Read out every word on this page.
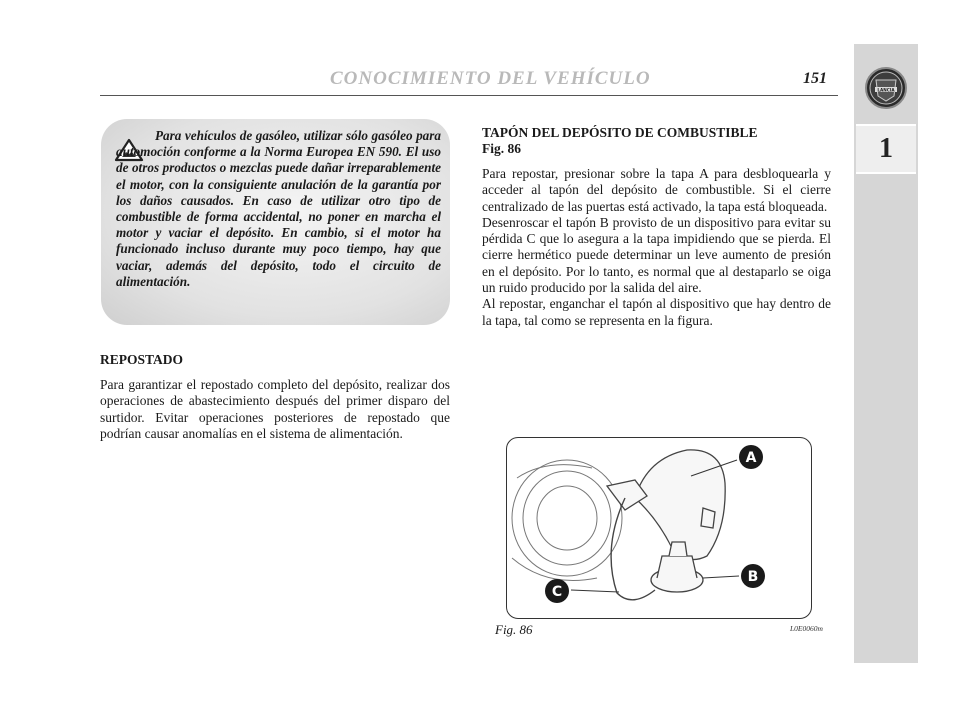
CONOCIMIENTO DEL VEHÍCULO	151
LANCIA
1

Para vehículos de gasóleo, utilizar sólo gasóleo para automoción conforme a la Norma Europea EN 590. El uso de otros productos o mezclas puede dañar irreparablemente el motor, con la consiguiente anulación de la garantía por los daños causados. En caso de utilizar otro tipo de combustible de forma accidental, no poner en marcha el motor y vaciar el depósito. En cambio, si el motor ha funcionado incluso durante muy poco tiempo, hay que vaciar, además del depósito, todo el circuito de alimentación.

REPOSTADO

Para garantizar el repostado completo del depósito, realizar dos operaciones de abastecimiento después del primer disparo del surtidor. Evitar operaciones posteriores de repostado que podrían causar anomalías en el sistema de alimentación.

TAPÓN DEL DEPÓSITO DE COMBUSTIBLE

Fig. 86

Para repostar, presionar sobre la tapa A para desbloquearla y acceder al tapón del depósito de combustible. Si el cierre centralizado de las puertas está activado, la tapa está bloqueada.
Desenroscar el tapón B provisto de un dispositivo para evitar su pérdida C que lo asegura a la tapa impidiendo que se pierda. El cierre hermético puede determinar un leve aumento de presión en el depósito. Por lo tanto, es normal que al destaparlo se oiga un ruido producido por la salida del aire.
Al repostar, enganchar el tapón al dispositivo que hay dentro de la tapa, tal como se representa en la figura.

A
B
C
Fig. 86	L0E0060m
